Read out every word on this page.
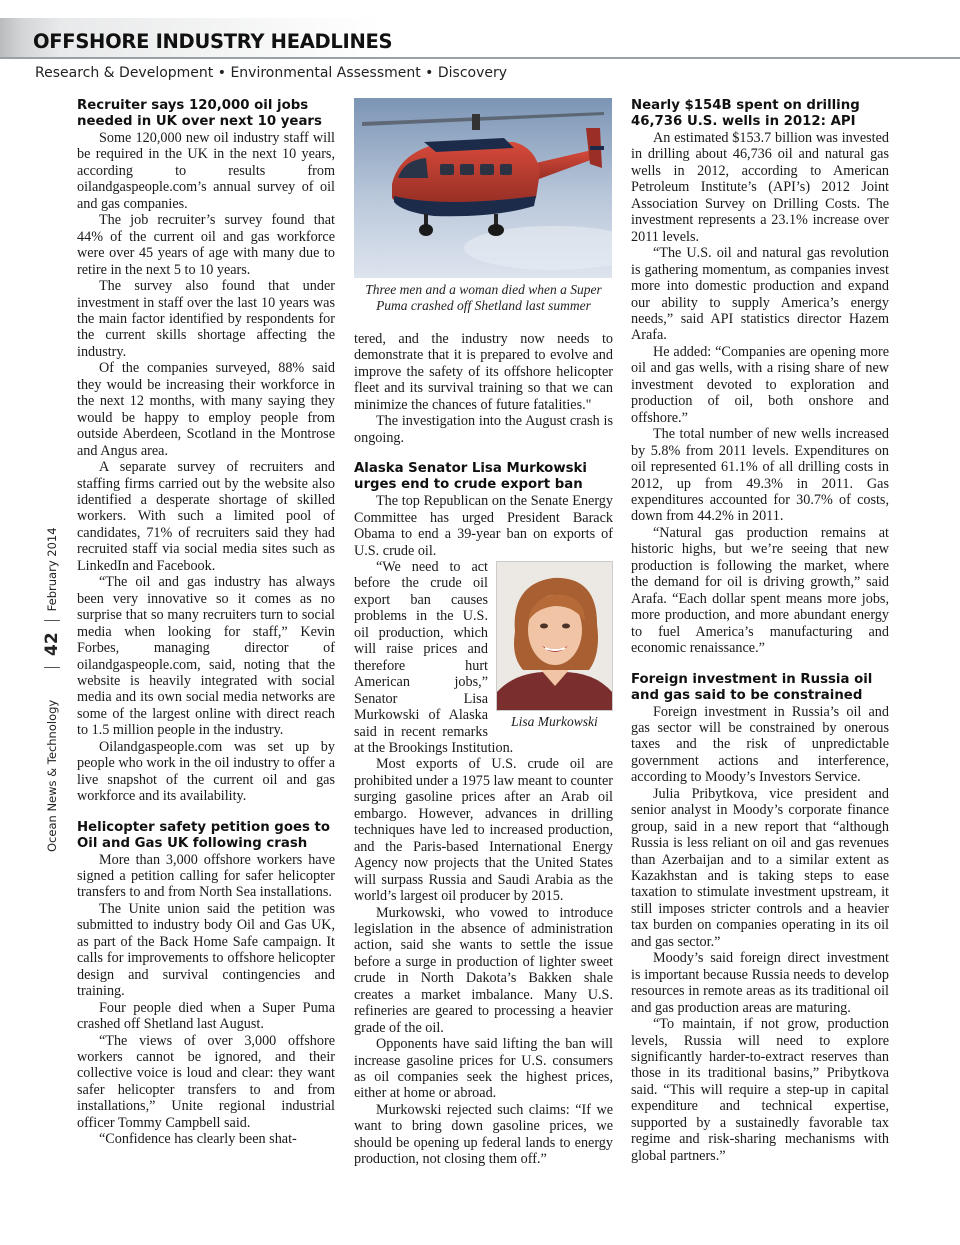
OFFSHORE INDUSTRY HEADLINES
Research & Development • Environmental Assessment • Discovery
Ocean News & Technology
42
February 2014
Recruiter says 120,000 oil jobs needed in UK over next 10 years

Some 120,000 new oil industry staff will be required in the UK in the next 10 years, according to results from oilandgaspeople.com’s annual survey of oil and gas companies.

The job recruiter’s survey found that 44% of the current oil and gas workforce were over 45 years of age with many due to retire in the next 5 to 10 years.

The survey also found that under investment in staff over the last 10 years was the main factor identified by respondents for the current skills shortage affecting the industry.

Of the companies surveyed, 88% said they would be increasing their workforce in the next 12 months, with many saying they would be happy to employ people from outside Aberdeen, Scotland in the Montrose and Angus area.

A separate survey of recruiters and staffing firms carried out by the website also identified a desperate shortage of skilled workers. With such a limited pool of candidates, 71% of recruiters said they had recruited staff via social media sites such as LinkedIn and Facebook.

“The oil and gas industry has always been very innovative so it comes as no surprise that so many recruiters turn to social media when looking for staff,” Kevin Forbes, managing director of oilandgaspeople.com, said, noting that the website is heavily integrated with social media and its own social media networks are some of the largest online with direct reach to 1.5 million people in the industry.

Oilandgaspeople.com was set up by people who work in the oil industry to offer a live snapshot of the current oil and gas workforce and its availability.

Helicopter safety petition goes to Oil and Gas UK following crash

More than 3,000 offshore workers have signed a petition calling for safer helicopter transfers to and from North Sea installations.

The Unite union said the petition was submitted to industry body Oil and Gas UK, as part of the Back Home Safe campaign. It calls for improvements to offshore helicopter design and survival contingencies and training.

Four people died when a Super Puma crashed off Shetland last August.

“The views of over 3,000 offshore workers cannot be ignored, and their collective voice is loud and clear: they want safer helicopter transfers to and from installations,” Unite regional industrial officer Tommy Campbell said.

“Confidence has clearly been shat-

Three men and a woman died when a Super Puma crashed off Shetland last summer

tered, and the industry now needs to demonstrate that it is prepared to evolve and improve the safety of its offshore helicopter fleet and its survival training so that we can minimize the chances of future fatalities."

The investigation into the August crash is ongoing.

Alaska Senator Lisa Murkowski urges end to crude export ban

The top Republican on the Senate Energy Committee has urged President Barack Obama to end a 39-year ban on exports of U.S. crude oil.

Lisa Murkowski

“We need to act before the crude oil export ban causes problems in the U.S. oil production, which will raise prices and therefore hurt American jobs,” Senator Lisa Murkowski of Alaska said in recent remarks at the Brookings Institution.

Most exports of U.S. crude oil are prohibited under a 1975 law meant to counter surging gasoline prices after an Arab oil embargo. However, advances in drilling techniques have led to increased production, and the Paris-based International Energy Agency now projects that the United States will surpass Russia and Saudi Arabia as the world’s largest oil producer by 2015.

Murkowski, who vowed to introduce legislation in the absence of administration action, said she wants to settle the issue before a surge in production of lighter sweet crude in North Dakota’s Bakken shale creates a market imbalance. Many U.S. refineries are geared to processing a heavier grade of the oil.

Opponents have said lifting the ban will increase gasoline prices for U.S. consumers as oil companies seek the highest prices, either at home or abroad.

Murkowski rejected such claims: “If we want to bring down gasoline prices, we should be opening up federal lands to energy production, not closing them off.”

Nearly $154B spent on drilling 46,736 U.S. wells in 2012: API

An estimated $153.7 billion was invested in drilling about 46,736 oil and natural gas wells in 2012, according to American Petroleum Institute’s (API’s) 2012 Joint Association Survey on Drilling Costs. The investment represents a 23.1% increase over 2011 levels.

“The U.S. oil and natural gas revolution is gathering momentum, as companies invest more into domestic production and expand our ability to supply America’s energy needs,” said API statistics director Hazem Arafa.

He added: “Companies are opening more oil and gas wells, with a rising share of new investment devoted to exploration and production of oil, both onshore and offshore.”

The total number of new wells increased by 5.8% from 2011 levels. Expenditures on oil represented 61.1% of all drilling costs in 2012, up from 49.3% in 2011. Gas expenditures accounted for 30.7% of costs, down from 44.2% in 2011.

“Natural gas production remains at historic highs, but we’re seeing that new production is following the market, where the demand for oil is driving growth,” said Arafa. “Each dollar spent means more jobs, more production, and more abundant energy to fuel America’s manufacturing and economic renaissance.”

Foreign investment in Russia oil and gas said to be constrained

Foreign investment in Russia’s oil and gas sector will be constrained by onerous taxes and the risk of unpredictable government actions and interference, according to Moody’s Investors Service.

Julia Pribytkova, vice president and senior analyst in Moody’s corporate finance group, said in a new report that “although Russia is less reliant on oil and gas revenues than Azerbaijan and to a similar extent as Kazakhstan and is taking steps to ease taxation to stimulate investment upstream, it still imposes stricter controls and a heavier tax burden on companies operating in its oil and gas sector.”

Moody’s said foreign direct investment is important because Russia needs to develop resources in remote areas as its traditional oil and gas production areas are maturing.

“To maintain, if not grow, production levels, Russia will need to explore significantly harder-to-extract reserves than those in its traditional basins,” Pribytkova said. “This will require a step-up in capital expenditure and technical expertise, supported by a sustainedly favorable tax regime and risk-sharing mechanisms with global partners.”
